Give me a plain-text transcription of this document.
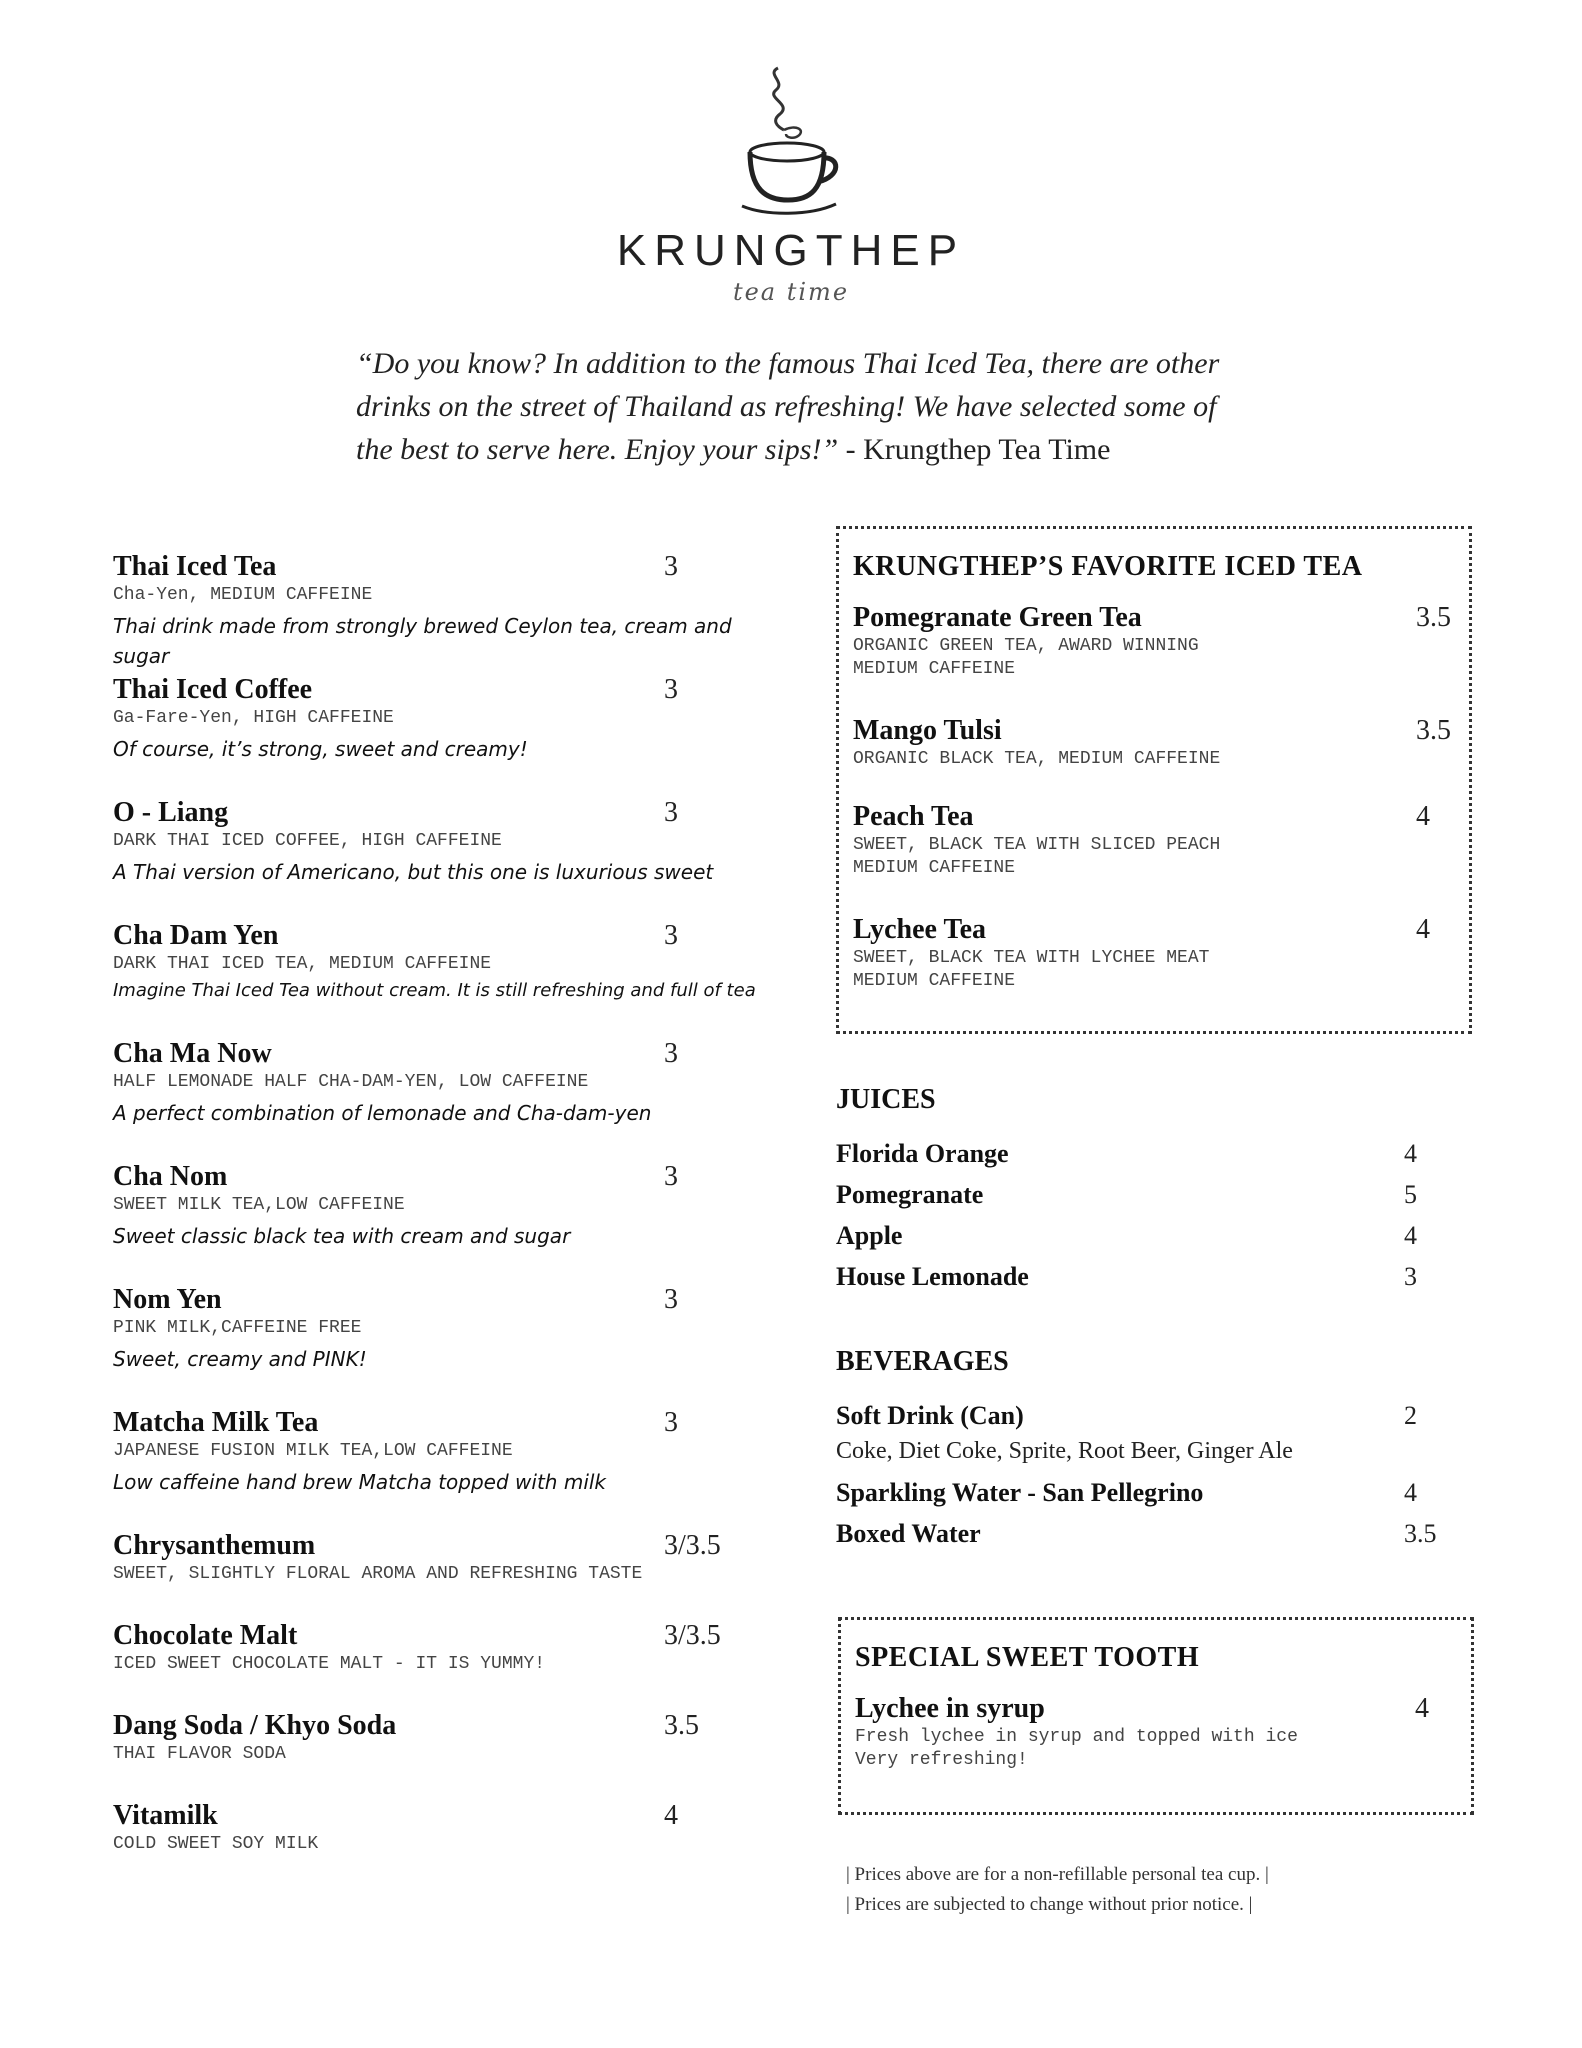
KRUNGTHEP
tea time
“Do you know? In addition to the famous Thai Iced Tea, there are other drinks on the street of Thailand as refreshing! We have selected some of the best to serve here. Enjoy your sips!” - Krungthep Tea Time
Thai Iced Tea	3
Cha-Yen, MEDIUM CAFFEINE
Thai drink made from strongly brewed Ceylon tea, cream and sugar
Thai Iced Coffee	3
Ga-Fare-Yen, HIGH CAFFEINE
Of course, it’s strong, sweet and creamy!
O - Liang	3
DARK THAI ICED COFFEE, HIGH CAFFEINE
A Thai version of Americano, but this one is luxurious sweet
Cha Dam Yen	3
DARK THAI ICED TEA, MEDIUM CAFFEINE
Imagine Thai Iced Tea without cream. It is still refreshing and full of tea
Cha Ma Now	3
HALF LEMONADE HALF CHA-DAM-YEN, LOW CAFFEINE
A perfect combination of lemonade and Cha-dam-yen
Cha Nom	3
SWEET MILK TEA,LOW CAFFEINE
Sweet classic black tea with cream and sugar
Nom Yen	3
PINK MILK,CAFFEINE FREE
Sweet, creamy and PINK!
Matcha Milk Tea	3
JAPANESE FUSION MILK TEA,LOW CAFFEINE
Low caffeine hand brew Matcha topped with milk
Chrysanthemum	3/3.5
SWEET, SLIGHTLY FLORAL AROMA AND REFRESHING TASTE
Chocolate Malt	3/3.5
ICED SWEET CHOCOLATE MALT - IT IS YUMMY!
Dang Soda / Khyo Soda	3.5
THAI FLAVOR SODA
Vitamilk	4
COLD SWEET SOY MILK
KRUNGTHEP’S FAVORITE ICED TEA
Pomegranate Green Tea	3.5
ORGANIC GREEN TEA, AWARD WINNING
MEDIUM CAFFEINE
Mango Tulsi	3.5
ORGANIC BLACK TEA, MEDIUM CAFFEINE
Peach Tea	4
SWEET, BLACK TEA WITH SLICED PEACH
MEDIUM CAFFEINE
Lychee Tea	4
SWEET, BLACK TEA WITH LYCHEE MEAT
MEDIUM CAFFEINE
JUICES
Florida Orange	4
Pomegranate	5
Apple	4
House Lemonade	3
BEVERAGES
Soft Drink (Can)	2
Coke, Diet Coke, Sprite, Root Beer, Ginger Ale
Sparkling Water - San Pellegrino	4
Boxed Water	3.5
SPECIAL SWEET TOOTH
Lychee in syrup	4
Fresh lychee in syrup and topped with ice
Very refreshing!
| Prices above are for a non-refillable personal tea cup. |
| Prices are subjected to change without prior notice. |
